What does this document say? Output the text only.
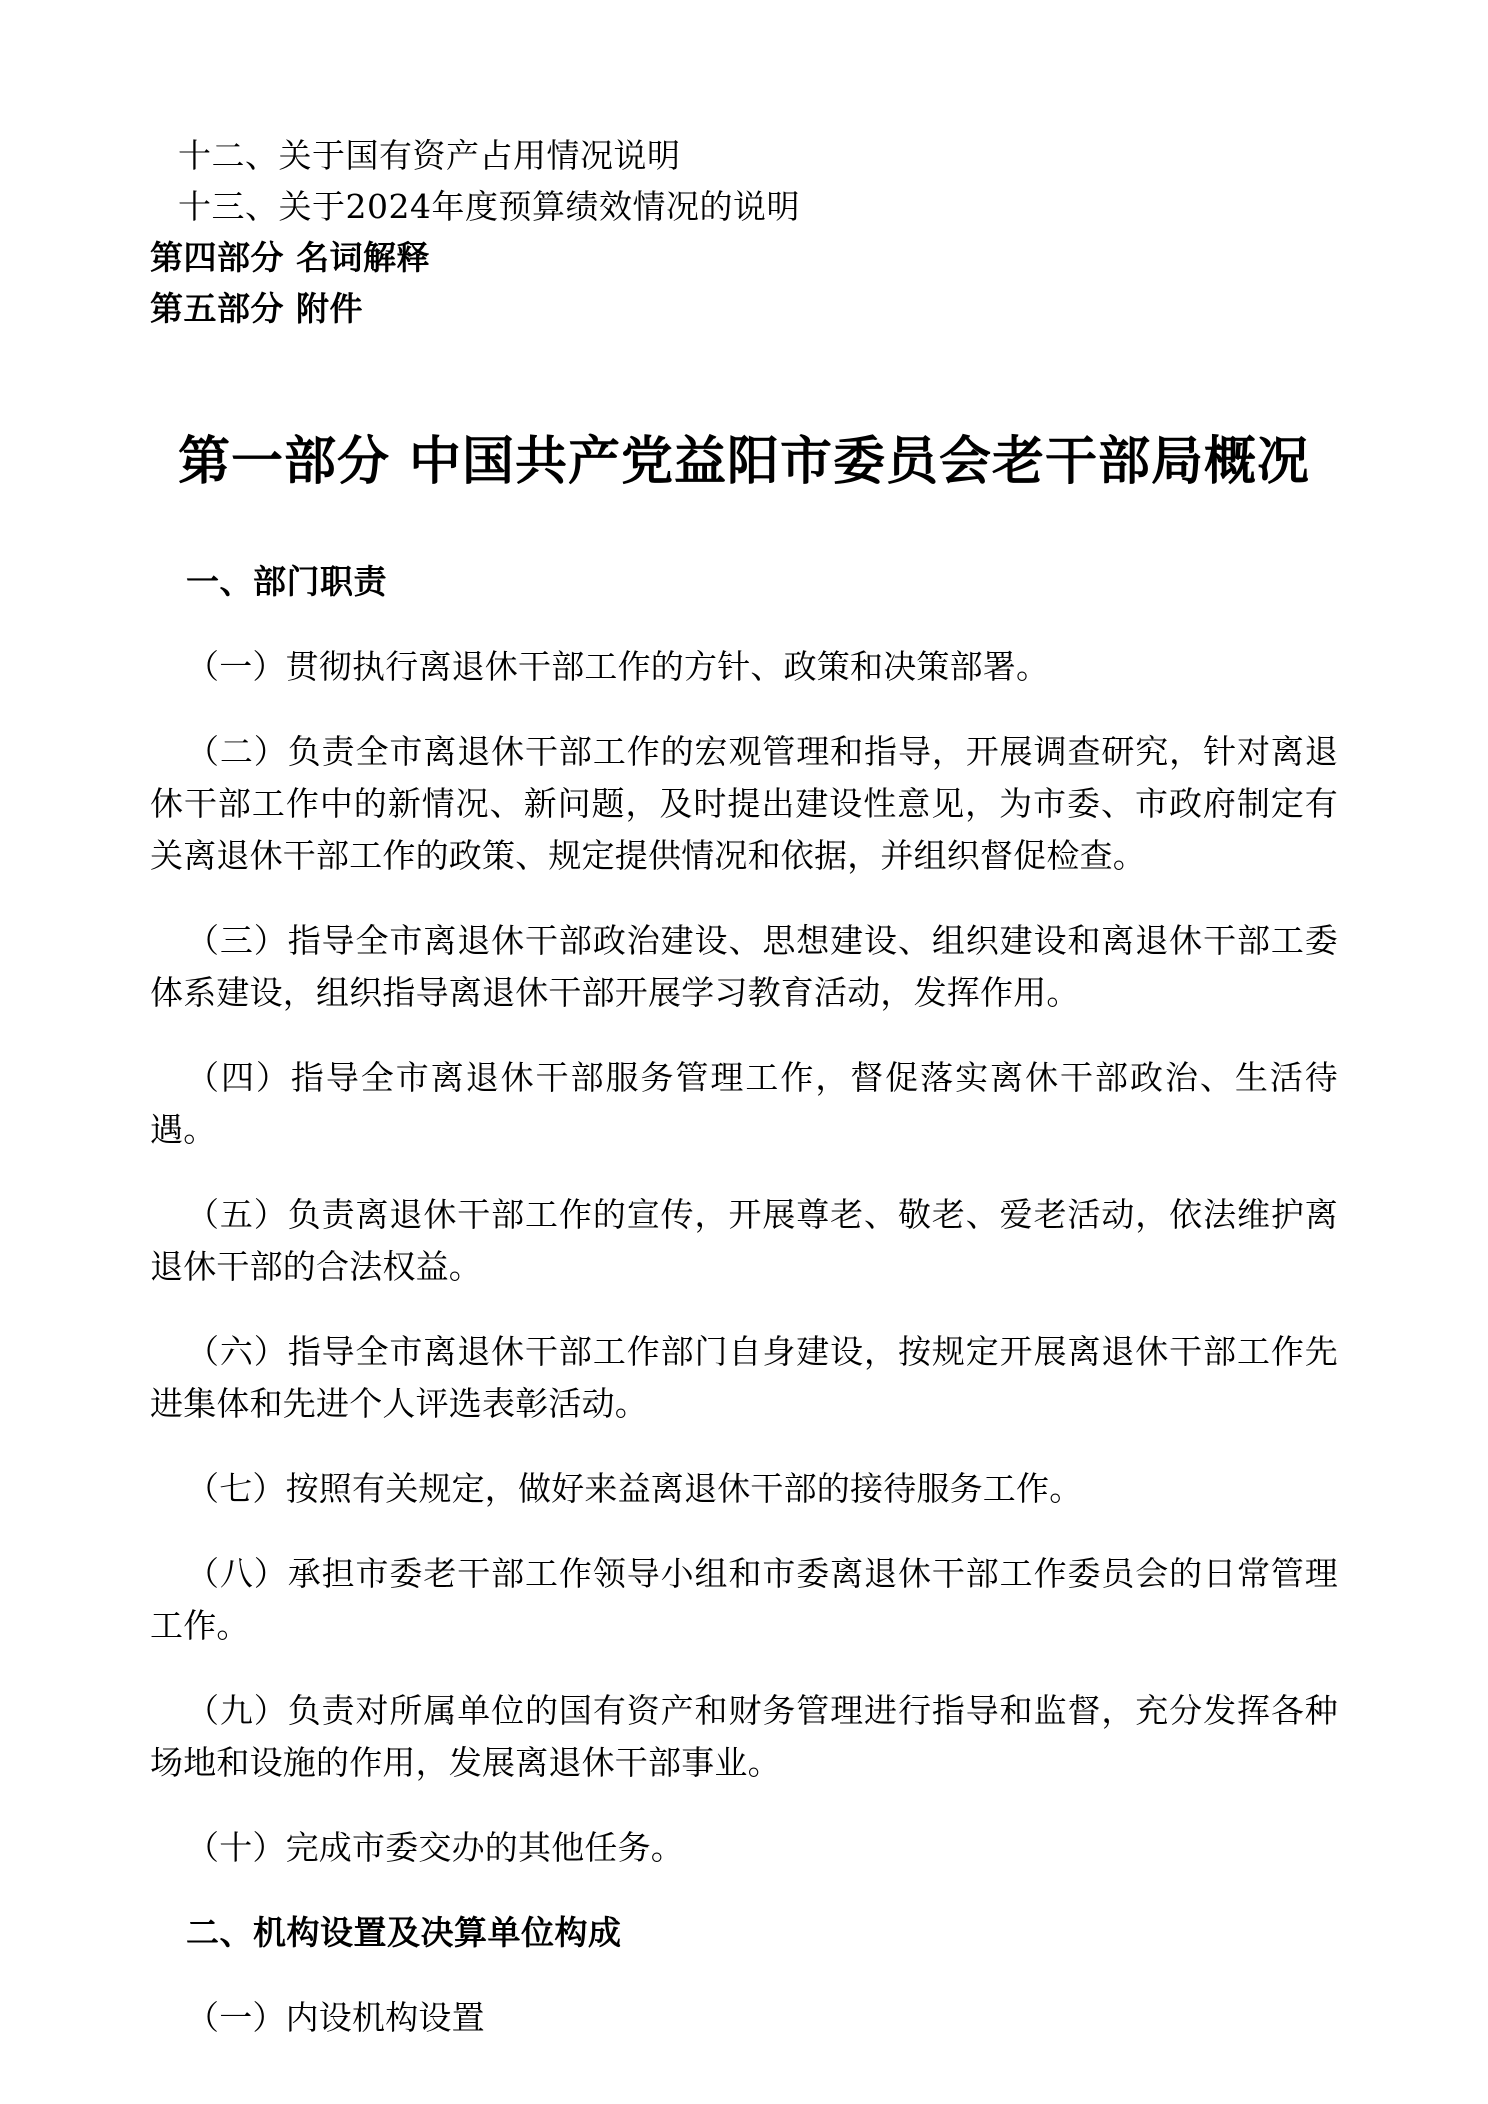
十二、关于国有资产占用情况说明
十三、关于2024年度预算绩效情况的说明
第四部分 名词解释
第五部分 附件
第一部分 中国共产党益阳市委员会老干部局概况
一、部门职责

（一）贯彻执行离退休干部工作的方针、政策和决策部署。

（二）负责全市离退休干部工作的宏观管理和指导，开展调查研究，针对离退休干部工作中的新情况、新问题，及时提出建设性意见，为市委、市政府制定有关离退休干部工作的政策、规定提供情况和依据，并组织督促检查。

（三）指导全市离退休干部政治建设、思想建设、组织建设和离退休干部工委体系建设，组织指导离退休干部开展学习教育活动，发挥作用。

（四）指导全市离退休干部服务管理工作，督促落实离休干部政治、生活待遇。

（五）负责离退休干部工作的宣传，开展尊老、敬老、爱老活动，依法维护离退休干部的合法权益。

（六）指导全市离退休干部工作部门自身建设，按规定开展离退休干部工作先进集体和先进个人评选表彰活动。

（七）按照有关规定，做好来益离退休干部的接待服务工作。

（八）承担市委老干部工作领导小组和市委离退休干部工作委员会的日常管理工作。

（九）负责对所属单位的国有资产和财务管理进行指导和监督，充分发挥各种场地和设施的作用，发展离退休干部事业。

（十）完成市委交办的其他任务。

二、机构设置及决算单位构成

（一）内设机构设置
